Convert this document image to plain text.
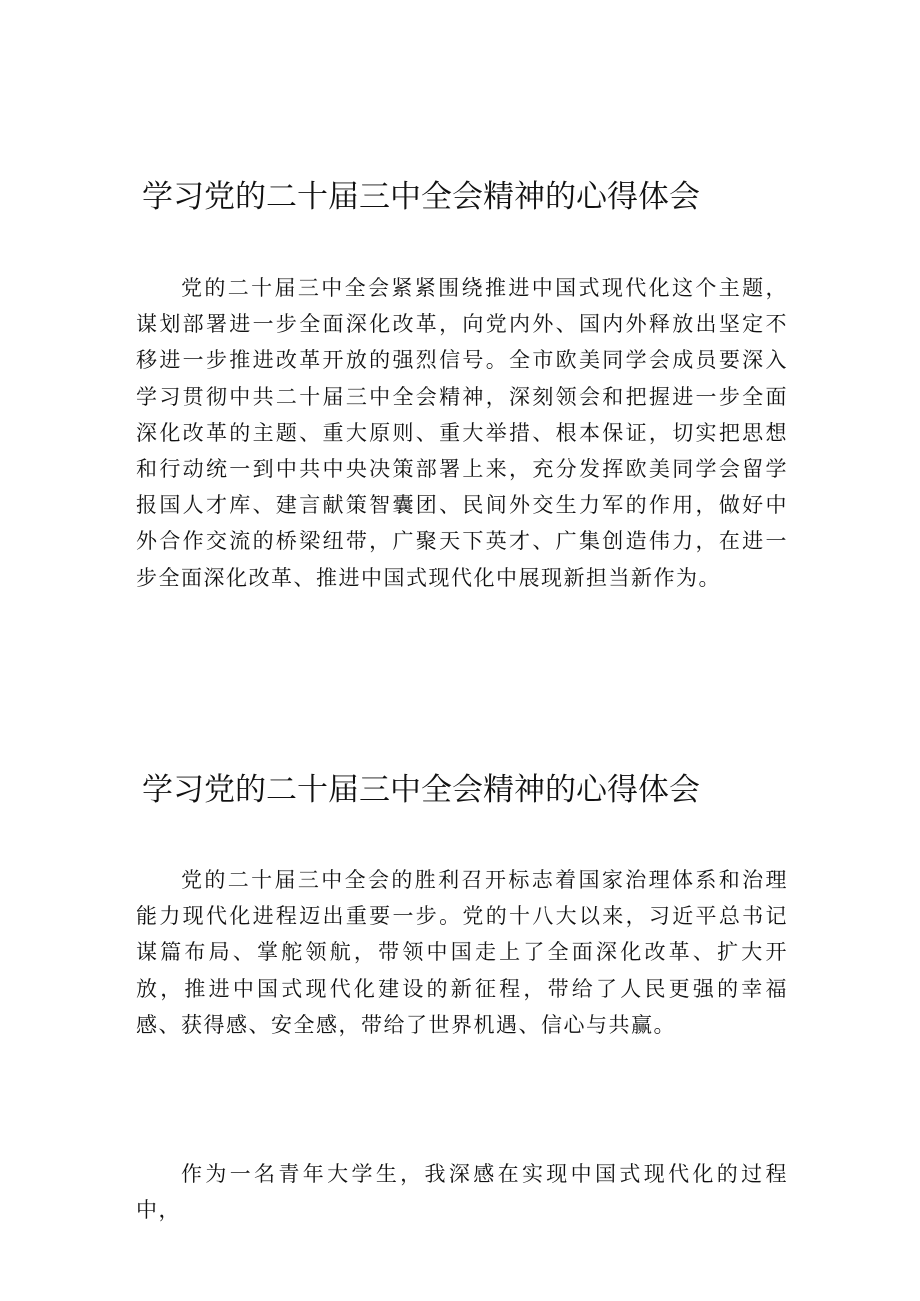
学习党的二十届三中全会精神的心得体会

党的二十届三中全会紧紧围绕推进中国式现代化这个主题，谋划部署进一步全面深化改革，向党内外、国内外释放出坚定不移进一步推进改革开放的强烈信号。全市欧美同学会成员要深入学习贯彻中共二十届三中全会精神，深刻领会和把握进一步全面深化改革的主题、重大原则、重大举措、根本保证，切实把思想和行动统一到中共中央决策部署上来，充分发挥欧美同学会留学报国人才库、建言献策智囊团、民间外交生力军的作用，做好中外合作交流的桥梁纽带，广聚天下英才、广集创造伟力，在进一步全面深化改革、推进中国式现代化中展现新担当新作为。

学习党的二十届三中全会精神的心得体会

党的二十届三中全会的胜利召开标志着国家治理体系和治理能力现代化进程迈出重要一步。党的十八大以来，习近平总书记谋篇布局、掌舵领航，带领中国走上了全面深化改革、扩大开放，推进中国式现代化建设的新征程，带给了人民更强的幸福感、获得感、安全感，带给了世界机遇、信心与共赢。

作为一名青年大学生，我深感在实现中国式现代化的过程中，
